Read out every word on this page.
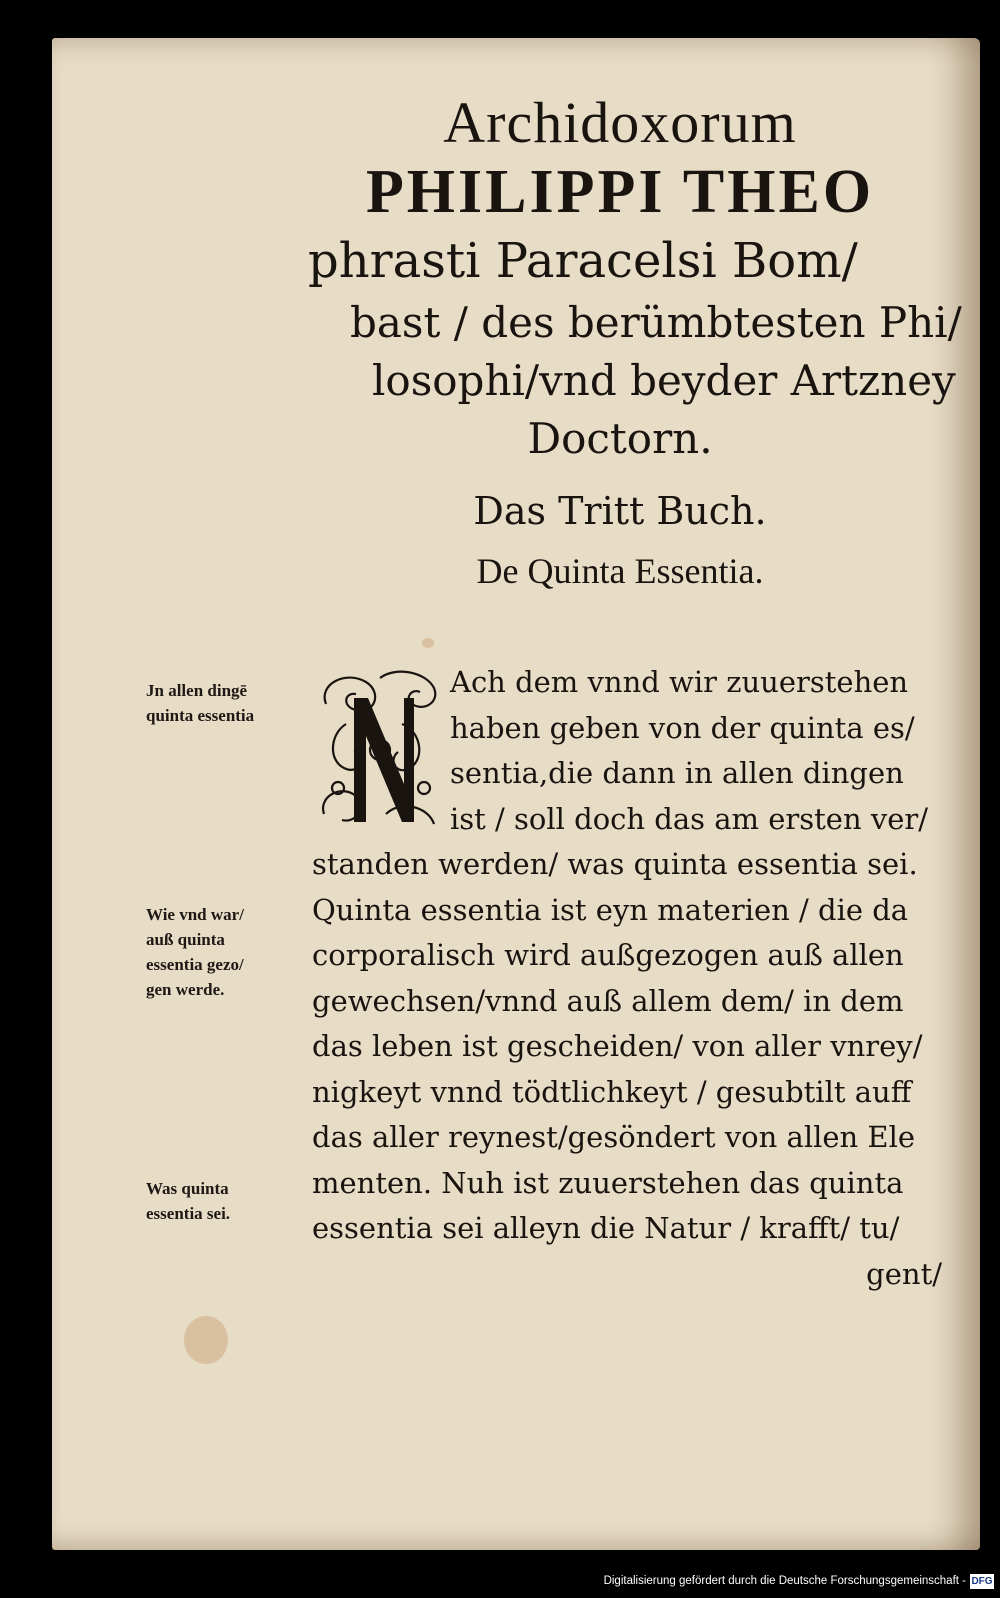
Archidoxorum
PHILIPPI THEO
phrasti Paracelsi Bom/
bast / des berümbtesten Phi/
losophi/vnd beyder Artzney
Doctorn.
Das Tritt Buch.
De Quinta Essentia.
Jn allen dingē
quinta essentia
Wie vnd war/
auß quinta
essentia gezo/
gen werde.
Was quinta
essentia sei.
N
Ach dem vnnd wir zuuerstehen
haben geben von der quinta es/
sentia,die dann in allen dingen
ist / soll doch das am ersten ver/
standen werden/ was quinta essentia sei.
Quinta essentia ist eyn materien / die da
corporalisch wird außgezogen auß allen
gewechsen/vnnd auß allem dem/ in dem
das leben ist gescheiden/ von aller vnrey/
nigkeyt vnnd tödtlichkeyt / gesubtilt auff
das aller reynest/gesöndert von allen Ele
menten. Nuh ist zuuerstehen das quinta
essentia sei alleyn die Natur / krafft/ tu/
gent/
Digitalisierung gefördert durch die Deutsche Forschungsgemeinschaft - DFG
